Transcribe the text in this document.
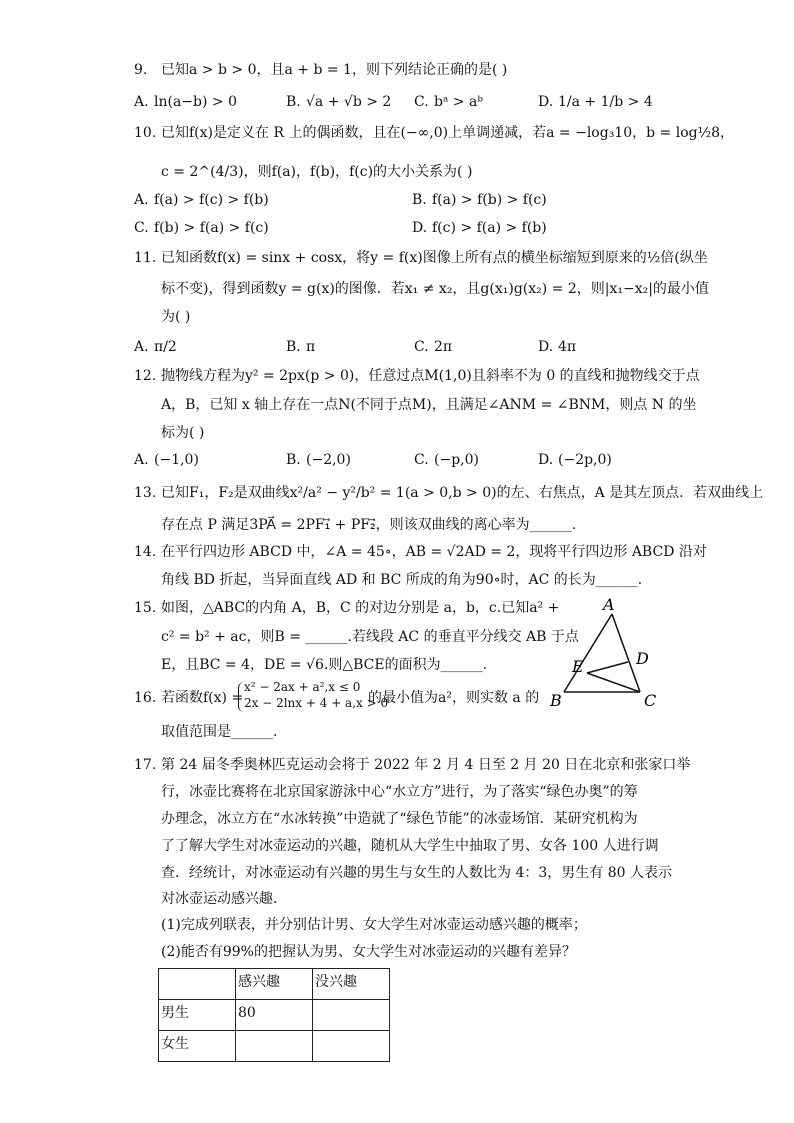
9. 已知a > b > 0，且a + b = 1，则下列结论正确的是( )
A. ln(a−b) > 0	B. √a + √b > 2 C. bᵃ > aᵇ	D. 1/a + 1/b > 4
10. 已知f(x)是定义在 R 上的偶函数，且在(−∞,0)上单调递减，若a = −log₃10，b = log½8，
c = 2^(4/3)，则f(a)，f(b)，f(c)的大小关系为( )
A. f(a) > f(c) > f(b)	B. f(a) > f(b) > f(c)
C. f(b) > f(a) > f(c)	D. f(c) > f(a) > f(b)
11. 已知函数f(x) = sinx + cosx，将y = f(x)图像上所有点的横坐标缩短到原来的½倍(纵坐
标不变)，得到函数y = g(x)的图像．若x₁ ≠ x₂，且g(x₁)g(x₂) = 2，则|x₁−x₂|的最小值
为( )
A. π/2	B. π	C. 2π	D. 4π
12. 抛物线方程为y² = 2px(p > 0)，任意过点M(1,0)且斜率不为 0 的直线和抛物线交于点
A，B，已知 x 轴上存在一点N(不同于点M)，且满足∠ANM = ∠BNM，则点 N 的坐
标为( )
A. (−1,0)	B. (−2,0)	C. (−p,0)	D. (−2p,0)
13. 已知F₁，F₂是双曲线x²/a² − y²/b² = 1(a > 0,b > 0)的左、右焦点，A 是其左顶点．若双曲线上
存在点 P 满足3PA⃗ = 2PF₁⃗ + PF₂⃗，则该双曲线的离心率为______.
14. 在平行四边形 ABCD 中，∠A = 45∘，AB = √2AD = 2，现将平行四边形 ABCD 沿对
角线 BD 折起，当异面直线 AD 和 BC 所成的角为90∘时，AC 的长为______.
15. 如图，△ABC的内角 A，B，C 的对边分别是 a，b，c.已知a² +
c² = b² + ac，则B = ______.若线段 AC 的垂直平分线交 AB 于点
E，且BC = 4，DE = √6.则△BCE的面积为______.
A
B	C
D
E
16. 若函数f(x) =
x² − 2ax + a²,x ≤ 0
2x − 2lnx + 4 + a,x > 0
的最小值为a²，则实数 a 的
取值范围是______.
17. 第 24 届冬季奥林匹克运动会将于 2022 年 2 月 4 日至 2 月 20 日在北京和张家口举
行，冰壶比赛将在北京国家游泳中心“水立方”进行，为了落实“绿色办奥”的筹
办理念，冰立方在“水冰转换”中造就了“绿色节能”的冰壶场馆．某研究机构为
了了解大学生对冰壶运动的兴趣，随机从大学生中抽取了男、女各 100 人进行调
查．经统计，对冰壶运动有兴趣的男生与女生的人数比为 4：3，男生有 80 人表示
对冰壶运动感兴趣．
(1)完成列联表，并分别估计男、女大学生对冰壶运动感兴趣的概率；
(2)能否有99%的把握认为男、女大学生对冰壶运动的兴趣有差异？
	感兴趣	没兴趣
男生	80	
女生		
